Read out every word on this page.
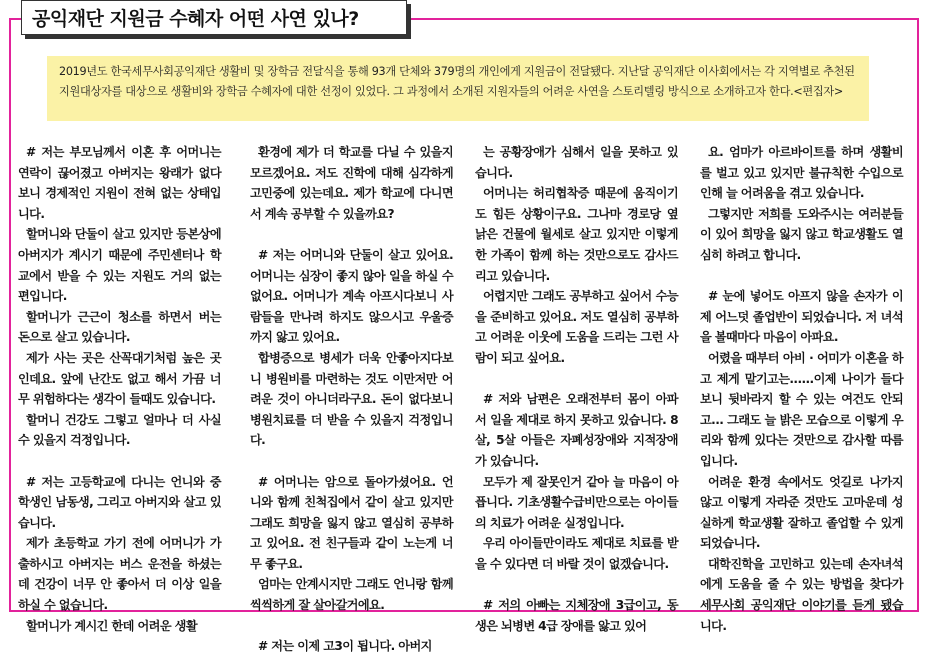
공익재단 지원금 수혜자 어떤 사연 있나?
2019년도 한국세무사회공익재단 생활비 및 장학금 전달식을 통해 93개 단체와 379명의 개인에게 지원금이 전달됐다. 지난달 공익재단 이사회에서는 각 지역별로 추천된 지원대상자를 대상으로 생활비와 장학금 수혜자에 대한 선정이 있었다. 그 과정에서 소개된 지원자들의 어려운 사연을 스토리텔링 방식으로 소개하고자 한다.<편집자>

# 저는 부모님께서 이혼 후 어머니는 연락이 끊어졌고 아버지는 왕래가 없다 보니 경제적인 지원이 전혀 없는 상태입니다.

할머니와 단둘이 살고 있지만 등본상에 아버지가 계시기 때문에 주민센터나 학교에서 받을 수 있는 지원도 거의 없는 편입니다.

할머니가 근근이 청소를 하면서 버는 돈으로 살고 있습니다.

제가 사는 곳은 산꼭대기처럼 높은 곳인데요. 앞에 난간도 없고 해서 가끔 너무 위험하다는 생각이 들때도 있습니다.

할머니 건강도 그렇고 얼마나 더 사실 수 있을지 걱정입니다.

# 저는 고등학교에 다니는 언니와 중학생인 남동생, 그리고 아버지와 살고 있습니다.

제가 초등학교 가기 전에 어머니가 가출하시고 아버지는 버스 운전을 하셨는데 건강이 너무 안 좋아서 더 이상 일을 하실 수 없습니다.

할머니가 계시긴 한데 어려운 생활

환경에 제가 더 학교를 다닐 수 있을지 모르겠어요. 저도 진학에 대해 심각하게 고민중에 있는데요. 제가 학교에 다니면서 계속 공부할 수 있을까요?

# 저는 어머니와 단둘이 살고 있어요. 어머니는 심장이 좋지 않아 일을 하실 수 없어요. 어머니가 계속 아프시다보니 사람들을 만나려 하지도 않으시고 우울증까지 앓고 있어요.

합병증으로 병세가 더욱 안좋아지다보니 병원비를 마련하는 것도 이만저만 어려운 것이 아니더라구요. 돈이 없다보니 병원치료를 더 받을 수 있을지 걱정입니다.

# 어머니는 암으로 돌아가셨어요. 언니와 함께 친척집에서 같이 살고 있지만 그래도 희망을 잃지 않고 열심히 공부하고 있어요. 전 친구들과 같이 노는게 너무 좋구요.

엄마는 안계시지만 그래도 언니랑 함께 씩씩하게 잘 살아갈거에요.

# 저는 이제 고3이 됩니다. 아버지

는 공황장애가 심해서 일을 못하고 있습니다.

어머니는 허리협착증 때문에 움직이기도 힘든 상황이구요. 그나마 경로당 옆 낡은 건물에 월세로 살고 있지만 이렇게 한 가족이 함께 하는 것만으로도 감사드리고 있습니다.

어렵지만 그래도 공부하고 싶어서 수능을 준비하고 있어요. 저도 열심히 공부하고 어려운 이웃에 도움을 드리는 그런 사람이 되고 싶어요.

# 저와 남편은 오래전부터 몸이 아파서 일을 제대로 하지 못하고 있습니다. 8살, 5살 아들은 자폐성장애와 지적장애가 있습니다.

모두가 제 잘못인거 같아 늘 마음이 아픕니다. 기초생활수급비만으로는 아이들의 치료가 어려운 실정입니다.

우리 아이들만이라도 제대로 치료를 받을 수 있다면 더 바랄 것이 없겠습니다.

# 저의 아빠는 지체장애 3급이고, 동생은 뇌병변 4급 장애를 앓고 있어

요. 엄마가 아르바이트를 하며 생활비를 벌고 있고 있지만 불규칙한 수입으로 인해 늘 어려움을 겪고 있습니다.

그렇지만 저희를 도와주시는 여러분들이 있어 희망을 잃지 않고 학교생활도 열심히 하려고 합니다.

# 눈에 넣어도 아프지 않을 손자가 이제 어느덧 졸업반이 되었습니다. 저 녀석을 볼때마다 마음이 아파요.

어렸을 때부터 아비 · 어미가 이혼을 하고 제게 맡기고는......이제 나이가 들다보니 뒷바라지 할 수 있는 여건도 안되고... 그래도 늘 밝은 모습으로 이렇게 우리와 함께 있다는 것만으로 감사할 따름입니다.

어려운 환경 속에서도 엇길로 나가지 않고 이렇게 자라준 것만도 고마운데 성실하게 학교생활 잘하고 졸업할 수 있게 되었습니다.

대학진학을 고민하고 있는데 손자녀석에게 도움을 줄 수 있는 방법을 찾다가 세무사회 공익재단 이야기를 듣게 됐습니다.
